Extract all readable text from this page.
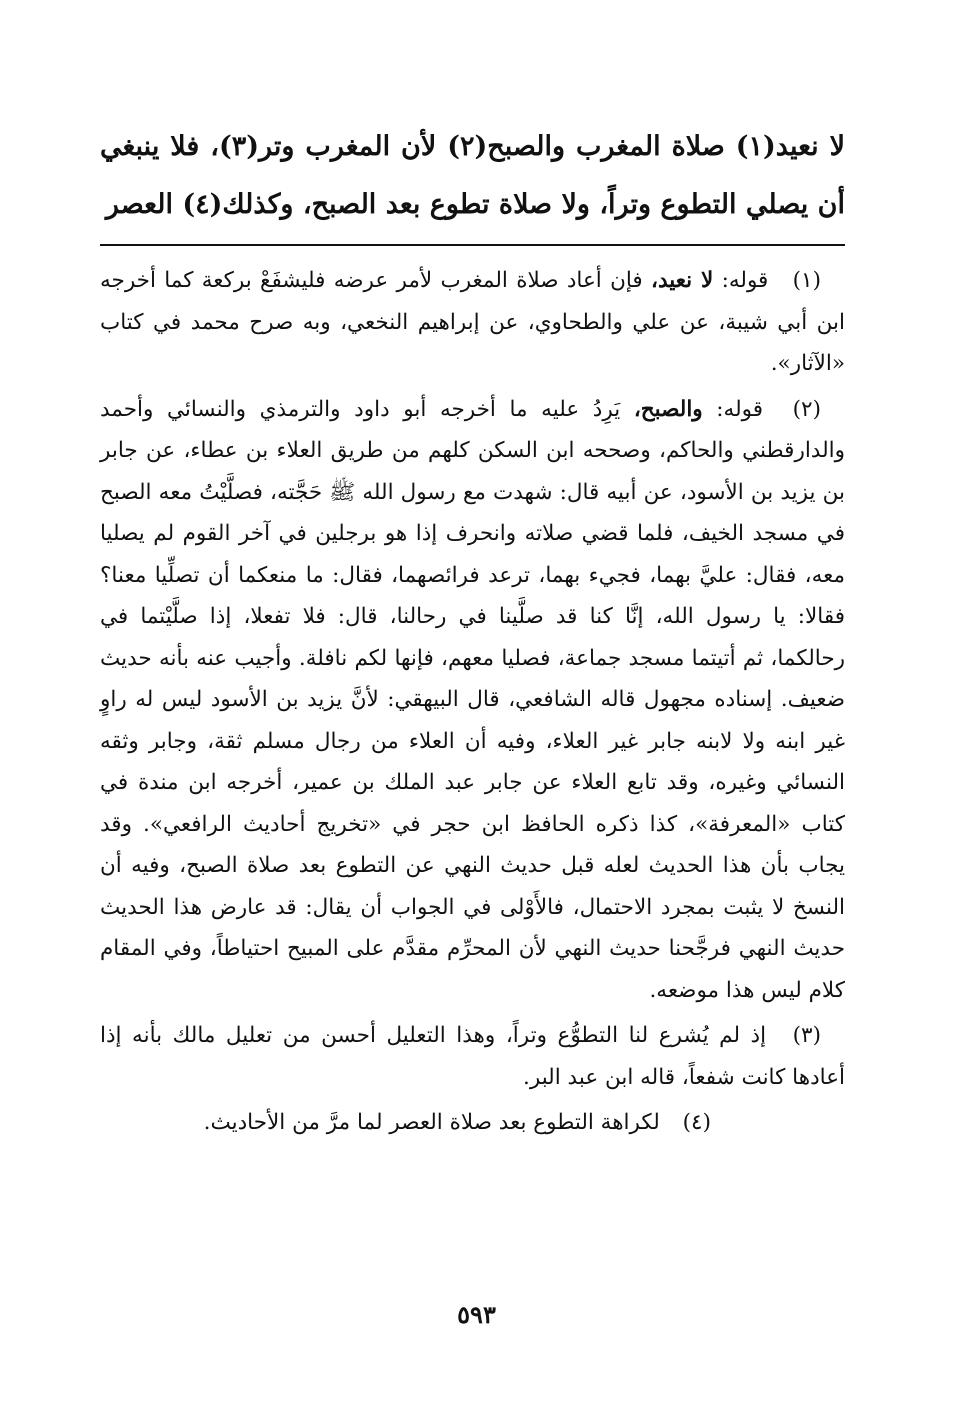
لا نعيد(١) صلاة المغرب والصبح(٢) لأن المغرب وتر(٣)، فلا ينبغي أن يصلي التطوع وتراً، ولا صلاة تطوع بعد الصبح، وكذلك(٤) العصر

(١) قوله: لا نعيد، فإن أعاد صلاة المغرب لأمر عرضه فليشفَعْ بركعة كما أخرجه ابن أبي شيبة، عن علي والطحاوي، عن إبراهيم النخعي، وبه صرح محمد في كتاب «الآثار».

(٢) قوله: والصبح، يَرِدُ عليه ما أخرجه أبو داود والترمذي والنسائي وأحمد والدارقطني والحاكم، وصححه ابن السكن كلهم من طريق العلاء بن عطاء، عن جابر بن يزيد بن الأسود، عن أبيه قال: شهدت مع رسول الله ﷺ حَجَّته، فصلَّيْتُ معه الصبح في مسجد الخيف، فلما قضي صلاته وانحرف إذا هو برجلين في آخر القوم لم يصليا معه، فقال: عليَّ بهما، فجيء بهما، ترعد فرائصهما، فقال: ما منعكما أن تصلِّيا معنا؟ فقالا: يا رسول الله، إنَّا كنا قد صلَّينا في رحالنا، قال: فلا تفعلا، إذا صلَّيْتما في رحالكما، ثم أتيتما مسجد جماعة، فصليا معهم، فإنها لكم نافلة. وأجيب عنه بأنه حديث ضعيف. إسناده مجهول قاله الشافعي، قال البيهقي: لأنَّ يزيد بن الأسود ليس له راوٍ غير ابنه ولا لابنه جابر غير العلاء، وفيه أن العلاء من رجال مسلم ثقة، وجابر وثقه النسائي وغيره، وقد تابع العلاء عن جابر عبد الملك بن عمير، أخرجه ابن مندة في كتاب «المعرفة»، كذا ذكره الحافظ ابن حجر في «تخريج أحاديث الرافعي». وقد يجاب بأن هذا الحديث لعله قبل حديث النهي عن التطوع بعد صلاة الصبح، وفيه أن النسخ لا يثبت بمجرد الاحتمال، فالأَوْلى في الجواب أن يقال: قد عارض هذا الحديث حديث النهي فرجَّحنا حديث النهي لأن المحرِّم مقدَّم على المبيح احتياطاً، وفي المقام كلام ليس هذا موضعه.

(٣) إذ لم يُشرع لنا التطوُّع وتراً، وهذا التعليل أحسن من تعليل مالك بأنه إذا أعادها كانت شفعاً، قاله ابن عبد البر.

(٤) لكراهة التطوع بعد صلاة العصر لما مرَّ من الأحاديث.

٥٩٣
